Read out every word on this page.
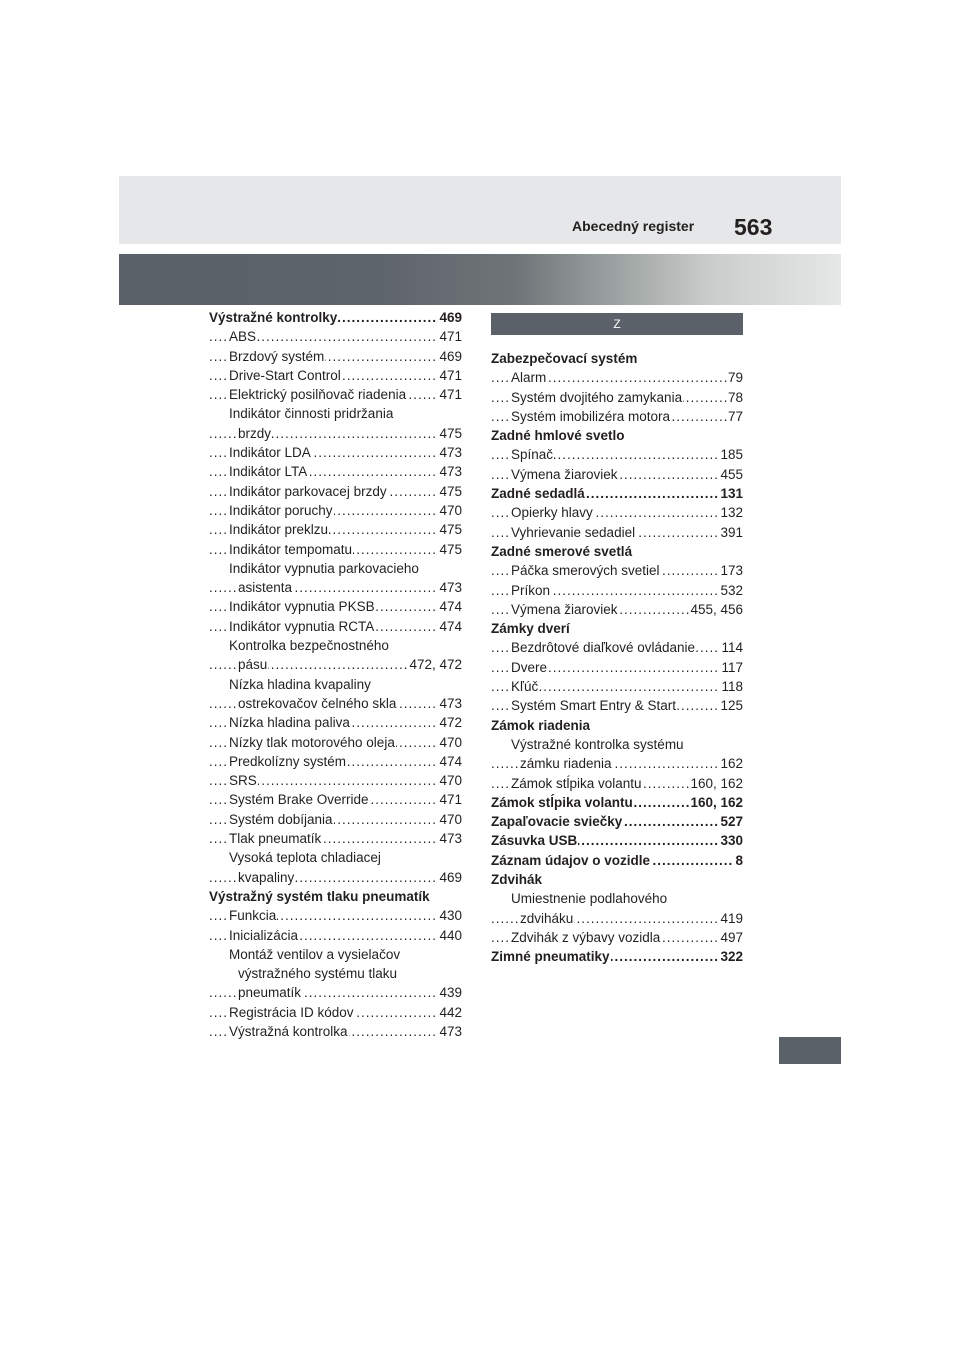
Abecedný register 563
Výstražné kontrolky .....	469
ABS .....	471
Brzdový systém .....	469
Drive-Start Control .....	471
Elektrický posilňovač riadenia ..... 471
Indikátor činnosti pridržania
brzdy .....	475
Indikátor LDA .....	473
Indikátor LTA .....	473
Indikátor parkovacej brzdy .....	475
Indikátor poruchy .....	470
Indikátor preklzu .....	475
Indikátor tempomatu .....	475
Indikátor vypnutia parkovacieho
asistenta .....	473
Indikátor vypnutia PKSB .....	474
Indikátor vypnutia RCTA .....	474
Kontrolka bezpečnostného
pásu .....	472, 472
Nízka hladina kvapaliny
ostrekovačov čelného skla .....	473
Nízka hladina paliva .....	472
Nízky tlak motorového oleja .....	470
Predkolízny systém .....	474
SRS .....	470
Systém Brake Override .....	471
Systém dobíjania .....	470
Tlak pneumatík .....	473
Vysoká teplota chladiacej
kvapaliny .....	469
Výstražný systém tlaku pneumatík
Funkcia .....	430
Inicializácia .....	440
Montáž ventilov a vysielačov
výstražného systému tlaku
pneumatík .....	439
Registrácia ID kódov .....	442
Výstražná kontrolka .....	473
Z
Zabezpečovací systém
Alarm .....	79
Systém dvojitého zamykania .....	78
Systém imobilizéra motora .....	77
Zadné hmlové svetlo
Spínač .....	185
Výmena žiaroviek .....	455
Zadné sedadlá .....	131
Opierky hlavy .....	132
Vyhrievanie sedadiel .....	391
Zadné smerové svetlá
Páčka smerových svetiel .....	173
Príkon .....	532
Výmena žiaroviek .....	455, 456
Zámky dverí
Bezdrôtové diaľkové ovládanie ..... 114
Dvere .....	117
Kľúč .....	118
Systém Smart Entry & Start .....	125
Zámok riadenia
Výstražné kontrolka systému
zámku riadenia .....	162
Zámok stĺpika volantu .....	160, 162
Zámok stĺpika volantu .....	160, 162
Zapaľovacie sviečky .....	527
Zásuvka USB .....	330
Záznam údajov o vozidle .....	8
Zdvihák
Umiestnenie podlahového
zdviháku .....	419
Zdvihák z výbavy vozidla .....	497
Zimné pneumatiky .....	322
